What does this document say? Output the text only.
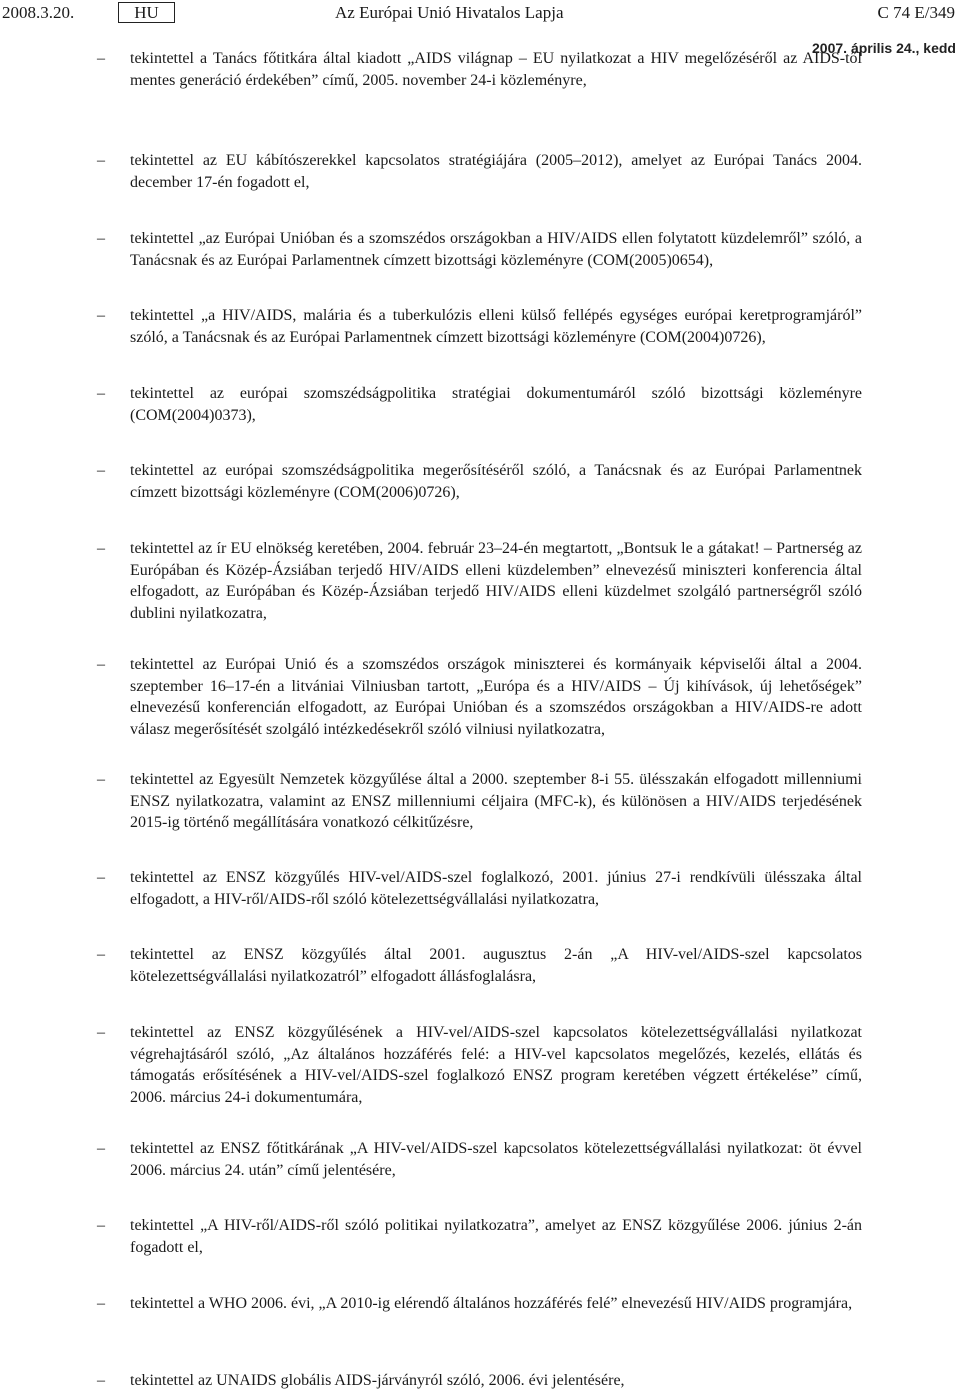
2008.3.20.	HU	Az Európai Unió Hivatalos Lapja	C 74 E/349
2007. április 24., kedd
– tekintettel a Tanács főtitkára által kiadott „AIDS világnap – EU nyilatkozat a HIV megelőzéséről az AIDS-től mentes generáció érdekében” című, 2005. november 24-i közleményre,
– tekintettel az EU kábítószerekkel kapcsolatos stratégiájára (2005–2012), amelyet az Európai Tanács 2004. december 17-én fogadott el,
– tekintettel „az Európai Unióban és a szomszédos országokban a HIV/AIDS ellen folytatott küzdelemről” szóló, a Tanácsnak és az Európai Parlamentnek címzett bizottsági közleményre (COM(2005)0654),
– tekintettel „a HIV/AIDS, malária és a tuberkulózis elleni külső fellépés egységes európai keretprogramjáról” szóló, a Tanácsnak és az Európai Parlamentnek címzett bizottsági közleményre (COM(2004)0726),
– tekintettel az európai szomszédságpolitika stratégiai dokumentumáról szóló bizottsági közleményre (COM(2004)0373),
– tekintettel az európai szomszédságpolitika megerősítéséről szóló, a Tanácsnak és az Európai Parlamentnek címzett bizottsági közleményre (COM(2006)0726),
– tekintettel az ír EU elnökség keretében, 2004. február 23–24-én megtartott, „Bontsuk le a gátakat! – Partnerség az Európában és Közép-Ázsiában terjedő HIV/AIDS elleni küzdelemben” elnevezésű miniszteri konferencia által elfogadott, az Európában és Közép-Ázsiában terjedő HIV/AIDS elleni küzdelmet szolgáló partnerségről szóló dublini nyilatkozatra,
– tekintettel az Európai Unió és a szomszédos országok miniszterei és kormányaik képviselői által a 2004. szeptember 16–17-én a litvániai Vilniusban tartott, „Európa és a HIV/AIDS – Új kihívások, új lehetőségek” elnevezésű konferencián elfogadott, az Európai Unióban és a szomszédos országokban a HIV/AIDS-re adott válasz megerősítését szolgáló intézkedésekről szóló vilniusi nyilatkozatra,
– tekintettel az Egyesült Nemzetek közgyűlése által a 2000. szeptember 8-i 55. ülésszakán elfogadott millenniumi ENSZ nyilatkozatra, valamint az ENSZ millenniumi céljaira (MFC-k), és különösen a HIV/AIDS terjedésének 2015-ig történő megállítására vonatkozó célkitűzésre,
– tekintettel az ENSZ közgyűlés HIV-vel/AIDS-szel foglalkozó, 2001. június 27-i rendkívüli ülésszaka által elfogadott, a HIV-ről/AIDS-ről szóló kötelezettségvállalási nyilatkozatra,
– tekintettel az ENSZ közgyűlés által 2001. augusztus 2-án „A HIV-vel/AIDS-szel kapcsolatos kötelezettségvállalási nyilatkozatról” elfogadott állásfoglalásra,
– tekintettel az ENSZ közgyűlésének a HIV-vel/AIDS-szel kapcsolatos kötelezettségvállalási nyilatkozat végrehajtásáról szóló, „Az általános hozzáférés felé: a HIV-vel kapcsolatos megelőzés, kezelés, ellátás és támogatás erősítésének a HIV-vel/AIDS-szel foglalkozó ENSZ program keretében végzett értékelése” című, 2006. március 24-i dokumentumára,
– tekintettel az ENSZ főtitkárának „A HIV-vel/AIDS-szel kapcsolatos kötelezettségvállalási nyilatkozat: öt évvel 2006. március 24. után” című jelentésére,
– tekintettel „A HIV-ről/AIDS-ről szóló politikai nyilatkozatra”, amelyet az ENSZ közgyűlése 2006. június 2-án fogadott el,
– tekintettel a WHO 2006. évi, „A 2010-ig elérendő általános hozzáférés felé” elnevezésű HIV/AIDS programjára,
– tekintettel az UNAIDS globális AIDS-járványról szóló, 2006. évi jelentésére,
